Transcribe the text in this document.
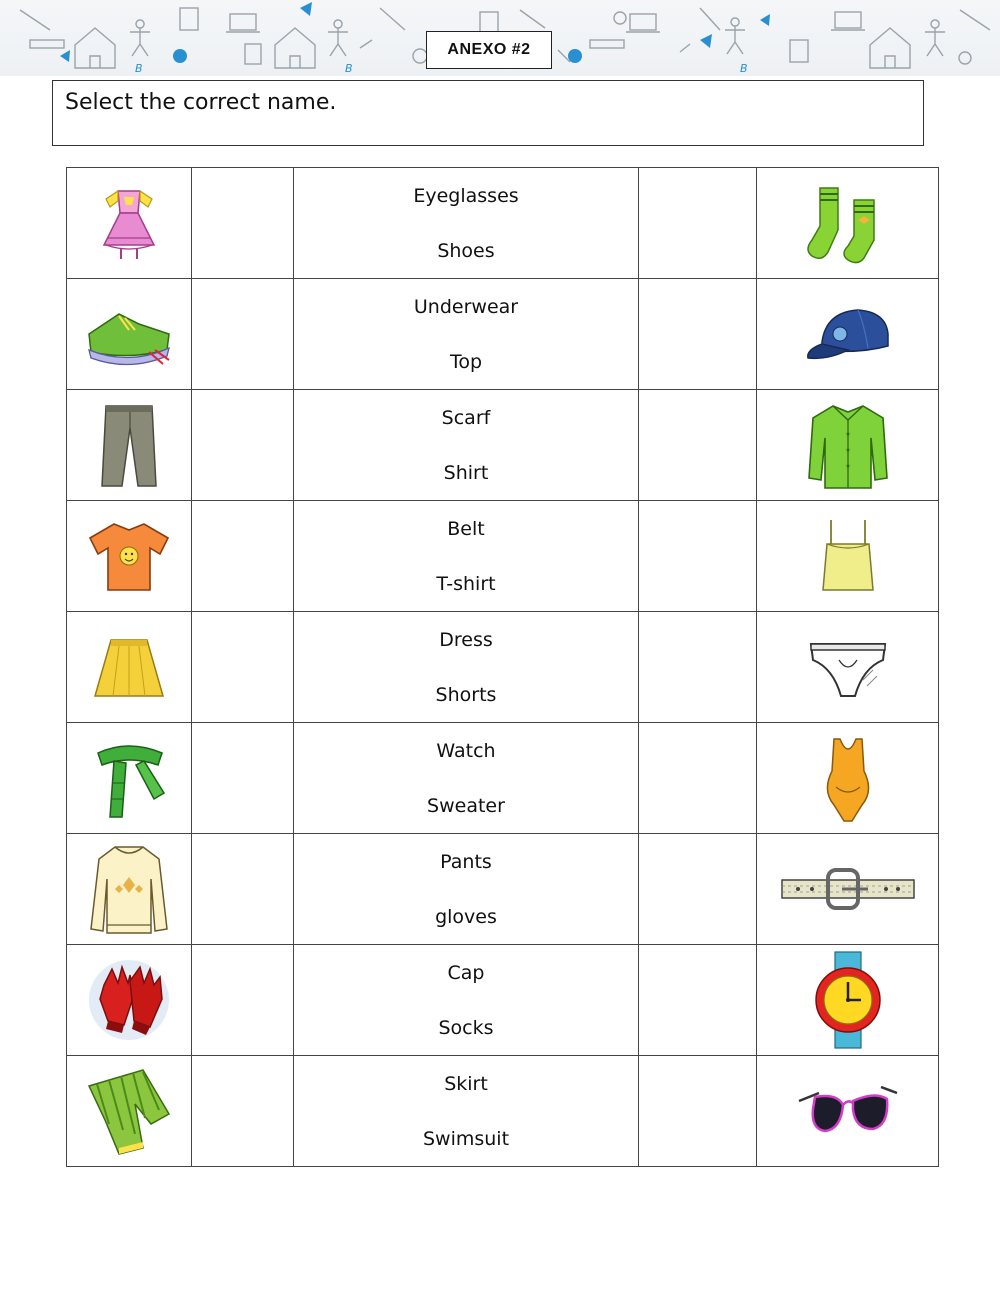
B	B
B
ANEXO #2
Select the correct name.

Eyeglasses
Shoes

Underwear
Top

Scarf
Shirt

Belt
T-shirt

Dress
Shorts

Watch
Sweater

Pants
gloves

Cap
Socks

Skirt
Swimsuit
